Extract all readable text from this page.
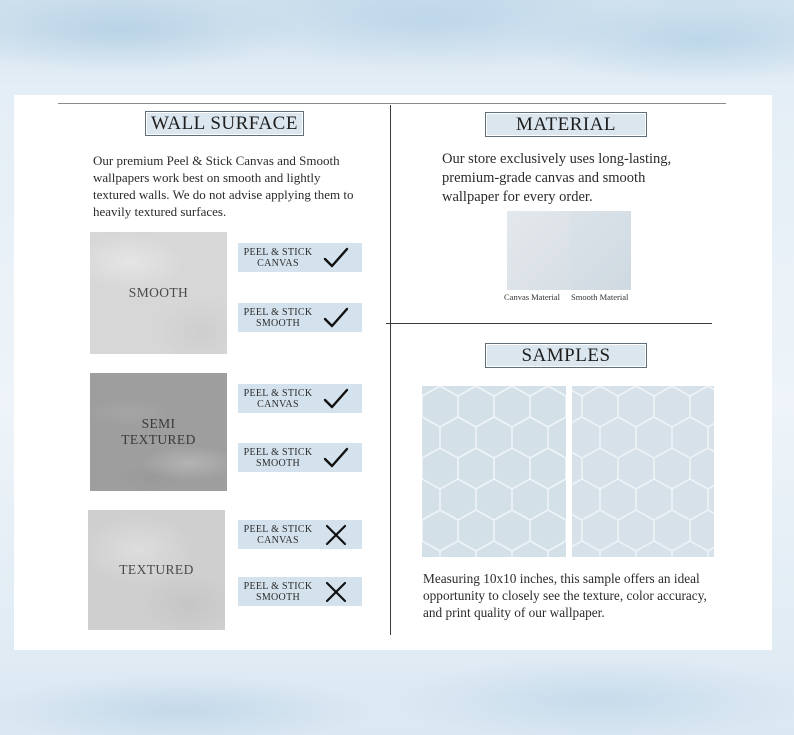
WALL SURFACE
Our premium Peel & Stick Canvas and Smooth wallpapers work best on smooth and lightly textured walls. We do not advise applying them to heavily textured surfaces.
SMOOTH
SEMI
TEXTURED
TEXTURED
PEEL & STICK
CANVAS
PEEL & STICK
SMOOTH
PEEL & STICK
CANVAS
PEEL & STICK
SMOOTH
PEEL & STICK
CANVAS
PEEL & STICK
SMOOTH
MATERIAL
Our store exclusively uses long-lasting, premium-grade canvas and smooth wallpaper for every order.
Canvas Material Smooth Material
SAMPLES
Measuring 10x10 inches, this sample offers an ideal opportunity to closely see the texture, color accuracy, and print quality of our wallpaper.
